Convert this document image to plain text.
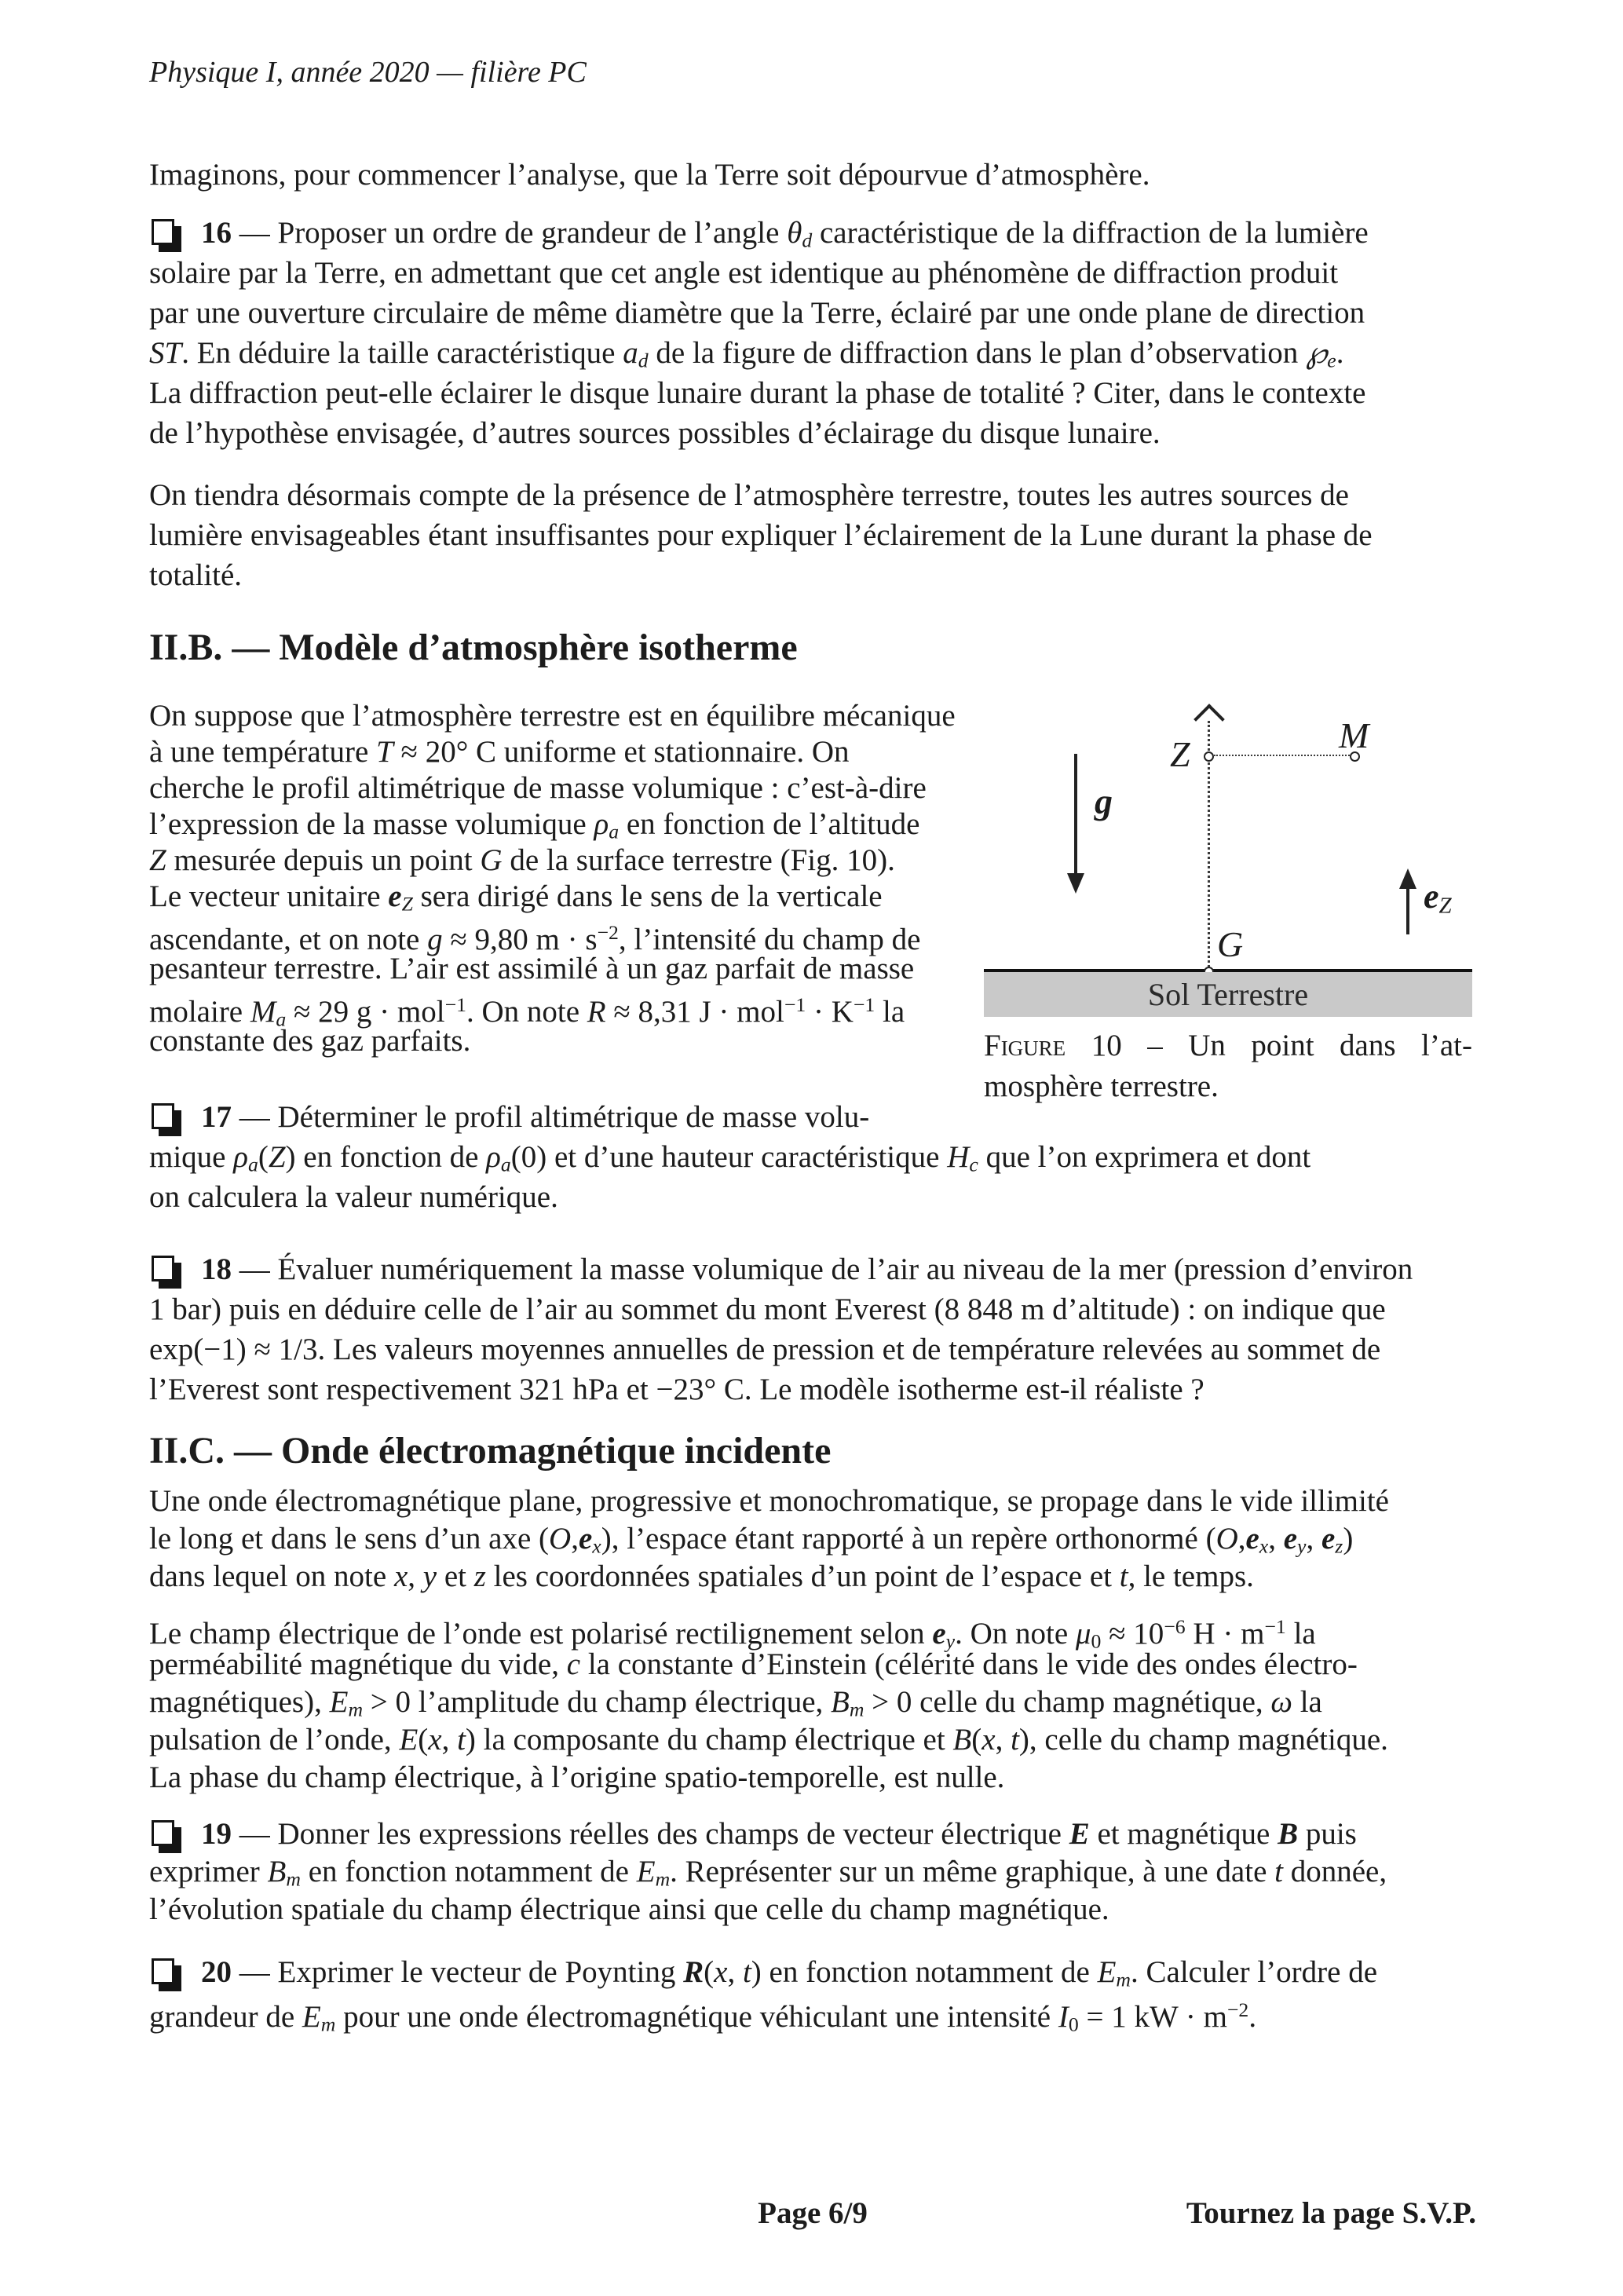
Physique I, année 2020 — filière PC
Imaginons, pour commencer l’analyse, que la Terre soit dépourvue d’atmosphère.
16 — Proposer un ordre de grandeur de l’angle θd caractéristique de la diffraction de la lumière
solaire par la Terre, en admettant que cet angle est identique au phénomène de diffraction produit
par une ouverture circulaire de même diamètre que la Terre, éclairé par une onde plane de direction
ST. En déduire la taille caractéristique ad de la figure de diffraction dans le plan d’observation ℘e.
La diffraction peut-elle éclairer le disque lunaire durant la phase de totalité ? Citer, dans le contexte
de l’hypothèse envisagée, d’autres sources possibles d’éclairage du disque lunaire.
On tiendra désormais compte de la présence de l’atmosphère terrestre, toutes les autres sources de
lumière envisageables étant insuffisantes pour expliquer l’éclairement de la Lune durant la phase de
totalité.
II.B. — Modèle d’atmosphère isotherme
On suppose que l’atmosphère terrestre est en équilibre mécanique
à une température T ≈ 20° C uniforme et stationnaire. On
cherche le profil altimétrique de masse volumique : c’est-à-dire
l’expression de la masse volumique ρa en fonction de l’altitude
Z mesurée depuis un point G de la surface terrestre (Fig. 10).
Le vecteur unitaire eZ sera dirigé dans le sens de la verticale
ascendante, et on note g ≈ 9,80 $m \cdot s^{-2}$, l’intensité du champ de
pesanteur terrestre. L’air est assimilé à un gaz parfait de masse
molaire Ma ≈ 29 g · mol$^{-1}$. On note R ≈ 8,31 $J \cdot mol^{-1} \cdot K^{-1}$ la
constante des gaz parfaits.
Z	M
g
eZ
G
Sol Terrestre
Figure 10 – Un point dans l’at-
mosphère terrestre.
17 — Déterminer le profil altimétrique de masse volu-
mique ρa(Z) en fonction de ρa(0) et d’une hauteur caractéristique Hc que l’on exprimera et dont
on calculera la valeur numérique.
18 — Évaluer numériquement la masse volumique de l’air au niveau de la mer (pression d’environ
1 bar) puis en déduire celle de l’air au sommet du mont Everest (8 848 m d’altitude) : on indique que
exp(−1) ≈ 1/3. Les valeurs moyennes annuelles de pression et de température relevées au sommet de
l’Everest sont respectivement 321 hPa et −23° C. Le modèle isotherme est-il réaliste ?
II.C. — Onde électromagnétique incidente
Une onde électromagnétique plane, progressive et monochromatique, se propage dans le vide illimité
le long et dans le sens d’un axe (O,ex), l’espace étant rapporté à un repère orthonormé (O,ex, ey, ez)
dans lequel on note x, y et z les coordonnées spatiales d’un point de l’espace et t, le temps.
Le champ électrique de l’onde est polarisé rectilignement selon ey. On note $\mu 0 \approx 10^{-6}$ $H \cdot m^{-1}$ la
perméabilité magnétique du vide, c la constante d’Einstein (célérité dans le vide des ondes électro-
magnétiques), Em > 0 l’amplitude du champ électrique, Bm > 0 celle du champ magnétique, ω la
pulsation de l’onde, E(x, t) la composante du champ électrique et B(x, t), celle du champ magnétique.
La phase du champ électrique, à l’origine spatio-temporelle, est nulle.
19 — Donner les expressions réelles des champs de vecteur électrique E et magnétique B puis
exprimer Bm en fonction notamment de Em. Représenter sur un même graphique, à une date t donnée,
l’évolution spatiale du champ électrique ainsi que celle du champ magnétique.
20 — Exprimer le vecteur de Poynting R(x, t) en fonction notamment de Em. Calculer l’ordre de
grandeur de Em pour une onde électromagnétique véhiculant une intensité I0 = 1 kW · $m^{-2}$.
Page 6/9	Tournez la page S.V.P.
